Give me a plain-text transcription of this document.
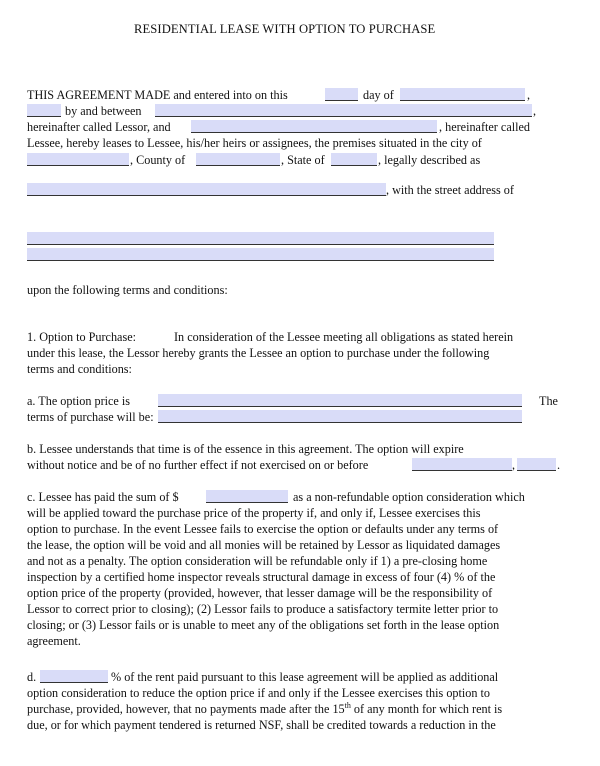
RESIDENTIAL LEASE WITH OPTION TO PURCHASE
THIS AGREEMENT MADE and entered into on this	day of	,
by and between	,
hereinafter called Lessor, and	, hereinafter called
Lessee, hereby leases to Lessee, his/her heirs or assignees, the premises situated in the city of
, County of	, State of	, legally described as
, with the street address of
upon the following terms and conditions:
1. Option to Purchase:	In consideration of the Lessee meeting all obligations as stated herein
under this lease, the Lessor hereby grants the Lessee an option to purchase under the following
terms and conditions:
a. The option price is	The
terms of purchase will be:
b. Lessee understands that time is of the essence in this agreement. The option will expire
without notice and be of no further effect if not exercised on or before	,	.
c. Lessee has paid the sum of $	as a non-refundable option consideration which
will be applied toward the purchase price of the property if, and only if, Lessee exercises this
option to purchase. In the event Lessee fails to exercise the option or defaults under any terms of
the lease, the option will be void and all monies will be retained by Lessor as liquidated damages
and not as a penalty. The option consideration will be refundable only if 1) a pre-closing home
inspection by a certified home inspector reveals structural damage in excess of four (4) % of the
option price of the property (provided, however, that lesser damage will be the responsibility of
Lessor to correct prior to closing); (2) Lessor fails to produce a satisfactory termite letter prior to
closing; or (3) Lessor fails or is unable to meet any of the obligations set forth in the lease option
agreement.
d.	% of the rent paid pursuant to this lease agreement will be applied as additional
option consideration to reduce the option price if and only if the Lessee exercises this option to
purchase, provided, however, that no payments made after the 15th of any month for which rent is
due, or for which payment tendered is returned NSF, shall be credited towards a reduction in the
